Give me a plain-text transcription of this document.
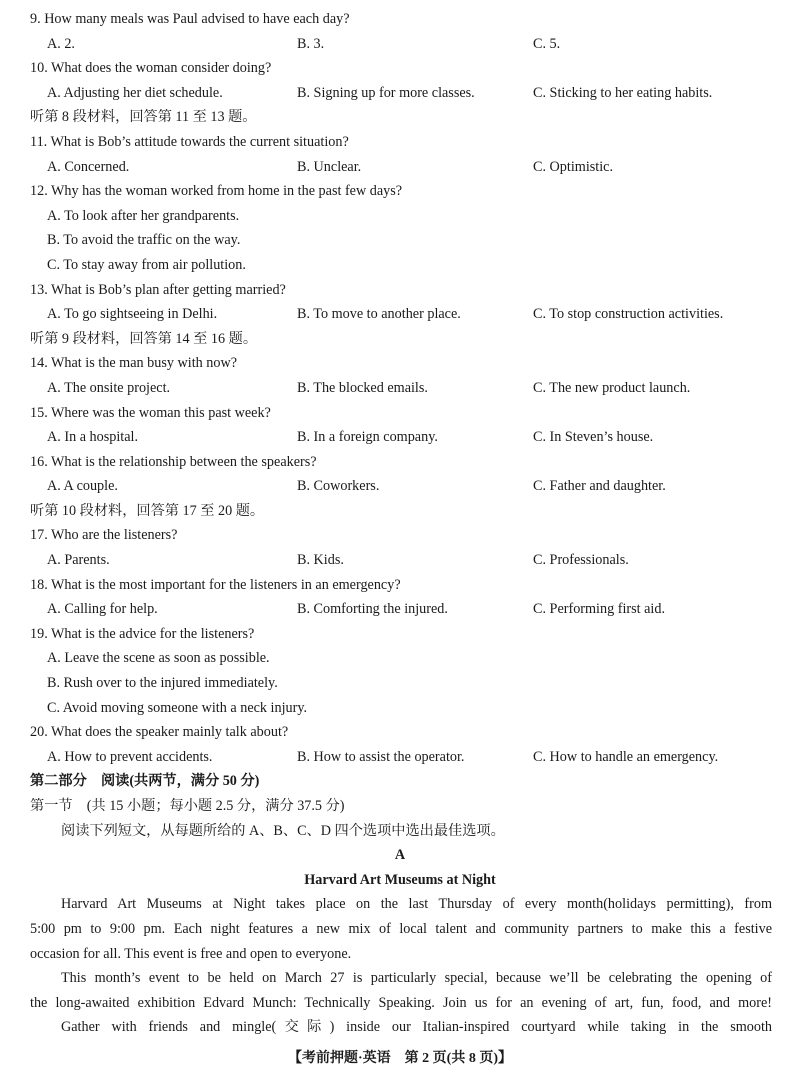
9. How many meals was Paul advised to have each day?
A. 2.	B. 3.	C. 5.
10. What does the woman consider doing?
A. Adjusting her diet schedule.	B. Signing up for more classes.	C. Sticking to her eating habits.
听第 8 段材料，回答第 11 至 13 题。
11. What is Bob’s attitude towards the current situation?
A. Concerned.	B. Unclear.	C. Optimistic.
12. Why has the woman worked from home in the past few days?
A. To look after her grandparents.
B. To avoid the traffic on the way.
C. To stay away from air pollution.
13. What is Bob’s plan after getting married?
A. To go sightseeing in Delhi.	B. To move to another place.	C. To stop construction activities.
听第 9 段材料，回答第 14 至 16 题。
14. What is the man busy with now?
A. The onsite project.	B. The blocked emails.	C. The new product launch.
15. Where was the woman this past week?
A. In a hospital.	B. In a foreign company.	C. In Steven’s house.
16. What is the relationship between the speakers?
A. A couple.	B. Coworkers.	C. Father and daughter.
听第 10 段材料，回答第 17 至 20 题。
17. Who are the listeners?
A. Parents.	B. Kids.	C. Professionals.
18. What is the most important for the listeners in an emergency?
A. Calling for help.	B. Comforting the injured.	C. Performing first aid.
19. What is the advice for the listeners?
A. Leave the scene as soon as possible.
B. Rush over to the injured immediately.
C. Avoid moving someone with a neck injury.
20. What does the speaker mainly talk about?
A. How to prevent accidents.	B. How to assist the operator.	C. How to handle an emergency.
第二部分　阅读(共两节，满分 50 分)
第一节　(共 15 小题；每小题 2.5 分，满分 37.5 分)
阅读下列短文，从每题所给的 A、B、C、D 四个选项中选出最佳选项。
A
Harvard Art Museums at Night
Harvard Art Museums at Night takes place on the last Thursday of every month(holidays permitting), from
5:00 pm to 9:00 pm. Each night features a new mix of local talent and community partners to make this a festive
occasion for all. This event is free and open to everyone.
This month’s event to be held on March 27 is particularly special, because we’ll be celebrating the opening of
the long-awaited exhibition Edvard Munch: Technically Speaking. Join us for an evening of art, fun, food, and more!
Gather with friends and mingle(交际) inside our Italian-inspired courtyard while taking in the smooth
【考前押题·英语　第 2 页(共 8 页)】
